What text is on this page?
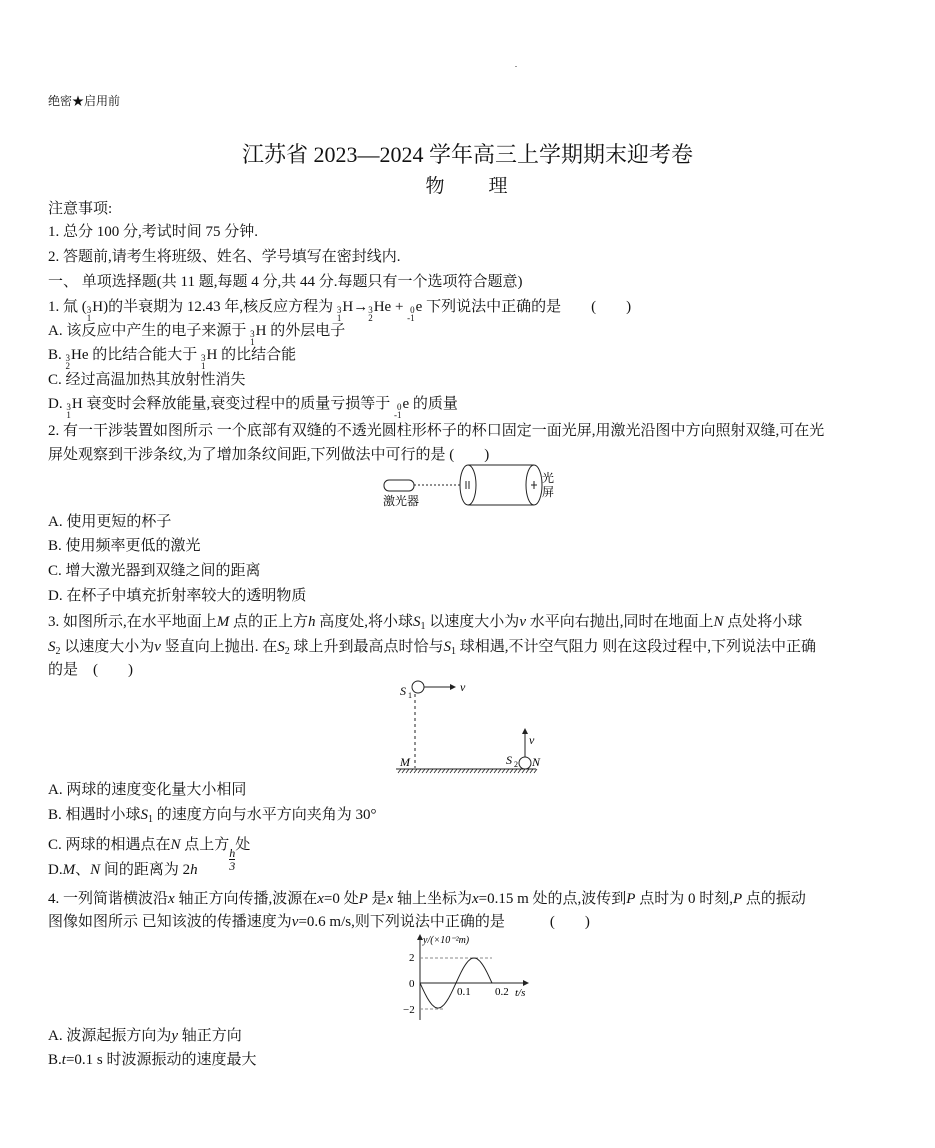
绝密★启用前
江苏省 2023—2024 学年高三上学期期末迎考卷
物　　理
注意事项:
1. 总分 100 分,考试时间 75 分钟.
2. 答题前,请考生将班级、姓名、学号填写在密封线内.
一、 单项选择题(共 11 题,每题 4 分,共 44 分.每题只有一个选项符合题意)
1. 氚 ( 3
1
H)的半衰期为 12.43 年,核反应方程为 3
1
H→ 3
2
He + 0
-1
e 下列说法中正确的是　　(　　)
A. 该反应中产生的电子来源于 3
1
H 的外层电子
B. 3
2
He 的比结合能大于 3
1
H 的比结合能
C. 经过高温加热其放射性消失
D. 3
1
H 衰变时会释放能量,衰变过程中的质量亏损等于 0
-1
e 的质量
2. 有一干涉装置如图所示 一个底部有双缝的不透光圆柱形杯子的杯口固定一面光屏,用激光沿图中方向照射双缝,可在光
屏处观察到干涉条纹,为了增加条纹间距,下列做法中可行的是 (　　)
A. 使用更短的杯子
B. 使用频率更低的激光
C. 增大激光器到双缝之间的距离
D. 在杯子中填充折射率较大的透明物质
3. 如图所示,在水平地面上M 点的正上方h 高度处,将小球$S_1$ 以速度大小为v 水平向右抛出,同时在地面上N 点处将小球
$S_2$ 以速度大小为v 竖直向上抛出. 在$S_2$ 球上升到最高点时恰与$S_1$ 球相遇,不计空气阻力 则在这段过程中,下列说法中正确
的是　(　　)
A. 两球的速度变化量大小相同
B. 相遇时小球$S_1$ 的速度方向与水平方向夹角为 30°
C. 两球的相遇点在N 点上方
$\frac{h}{3}$
处
D.M、N 间的距离为 2h
4. 一列简谐横波沿x 轴正方向传播,波源在x=0 处P 是x 轴上坐标为x=0.15 m 处的点,波传到P 点时为 0 时刻,P 点的振动
图像如图所示 已知该波的传播速度为v=0.6 m/s,则下列说法中正确的是　　　(　　)
A. 波源起振方向为y 轴正方向
B.t=0.1 s 时波源振动的速度最大
激光器
光
屏
v
S 1
M
v
S 2 N
y/(×10⁻²m)
t/s
2
0
−2
0.1 0.2
